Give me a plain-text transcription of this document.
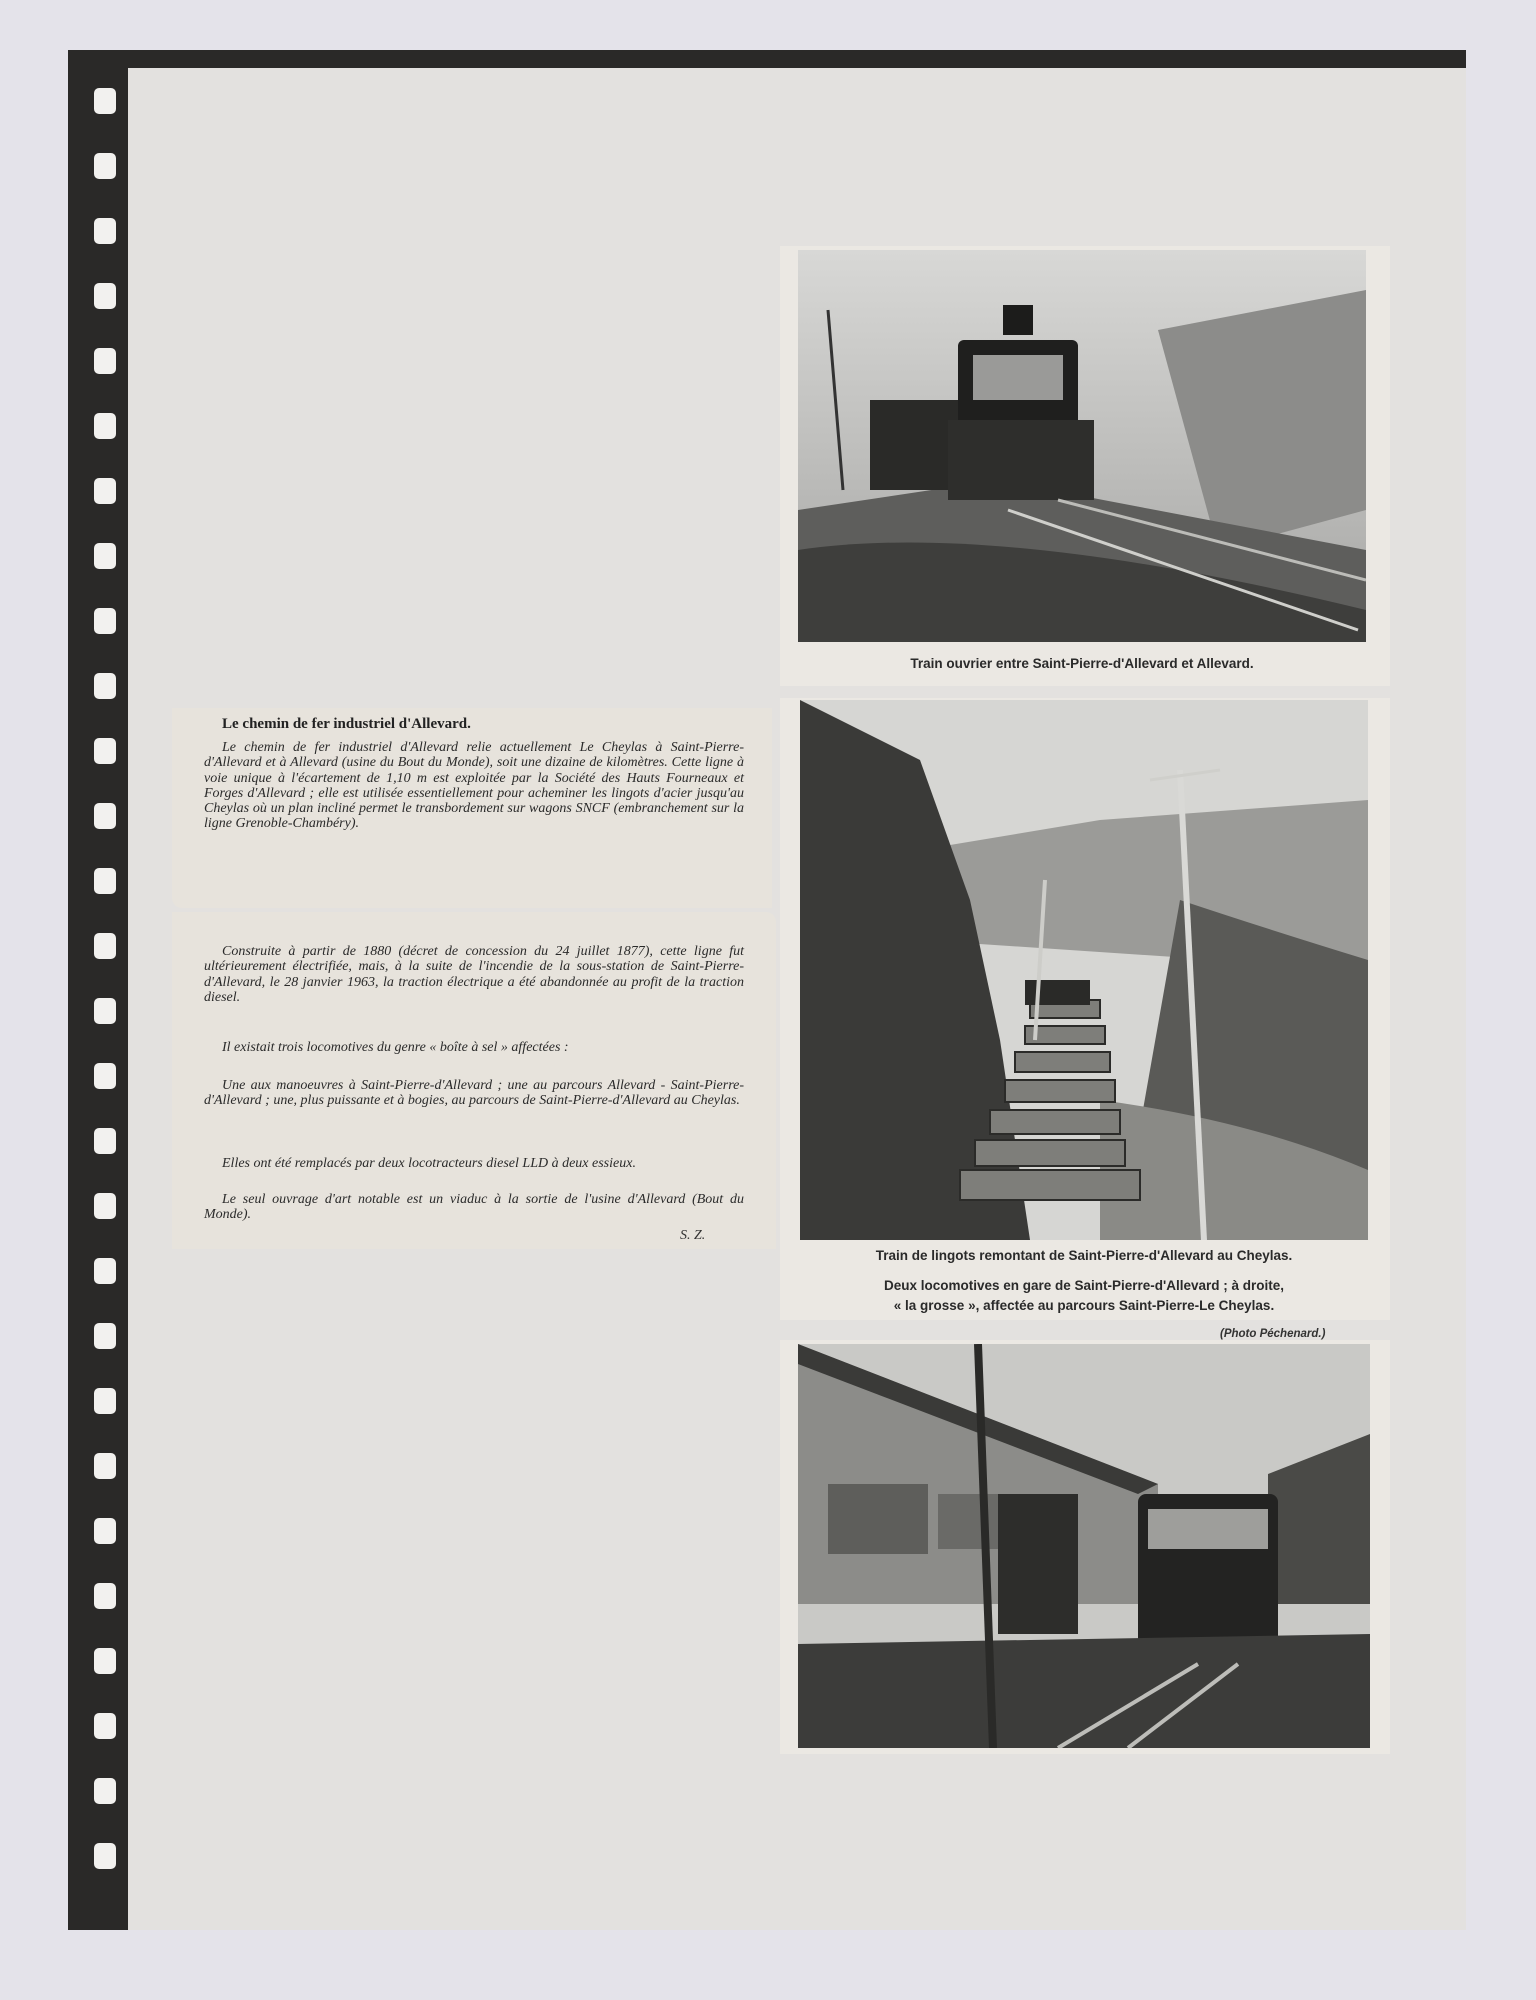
Le chemin de fer industriel d'Allevard.
Le chemin de fer industriel d'Allevard relie actuellement Le Cheylas à Saint-Pierre-d'Allevard et à Allevard (usine du Bout du Monde), soit une dizaine de kilomètres. Cette ligne à voie unique à l'écartement de 1,10 m est exploitée par la Société des Hauts Fourneaux et Forges d'Allevard ; elle est utilisée essentiellement pour acheminer les lingots d'acier jusqu'au Cheylas où un plan incliné permet le transbordement sur wagons SNCF (embranchement sur la ligne Grenoble-Chambéry).
Construite à partir de 1880 (décret de concession du 24 juillet 1877), cette ligne fut ultérieurement électrifiée, mais, à la suite de l'incendie de la sous-station de Saint-Pierre-d'Allevard, le 28 janvier 1963, la traction électrique a été abandonnée au profit de la traction diesel.
Il existait trois locomotives du genre « boîte à sel » affectées :
Une aux manoeuvres à Saint-Pierre-d'Allevard ; une au parcours Allevard - Saint-Pierre-d'Allevard ; une, plus puissante et à bogies, au parcours de Saint-Pierre-d'Allevard au Cheylas.
Elles ont été remplacés par deux locotracteurs diesel LLD à deux essieux.
Le seul ouvrage d'art notable est un viaduc à la sortie de l'usine d'Allevard (Bout du Monde).
S. Z.
Train ouvrier entre Saint-Pierre-d'Allevard et Allevard.
Train de lingots remontant de Saint-Pierre-d'Allevard au Cheylas.
Deux locomotives en gare de Saint-Pierre-d'Allevard ; à droite,
« la grosse », affectée au parcours Saint-Pierre-Le Cheylas.
(Photo Péchenard.)
